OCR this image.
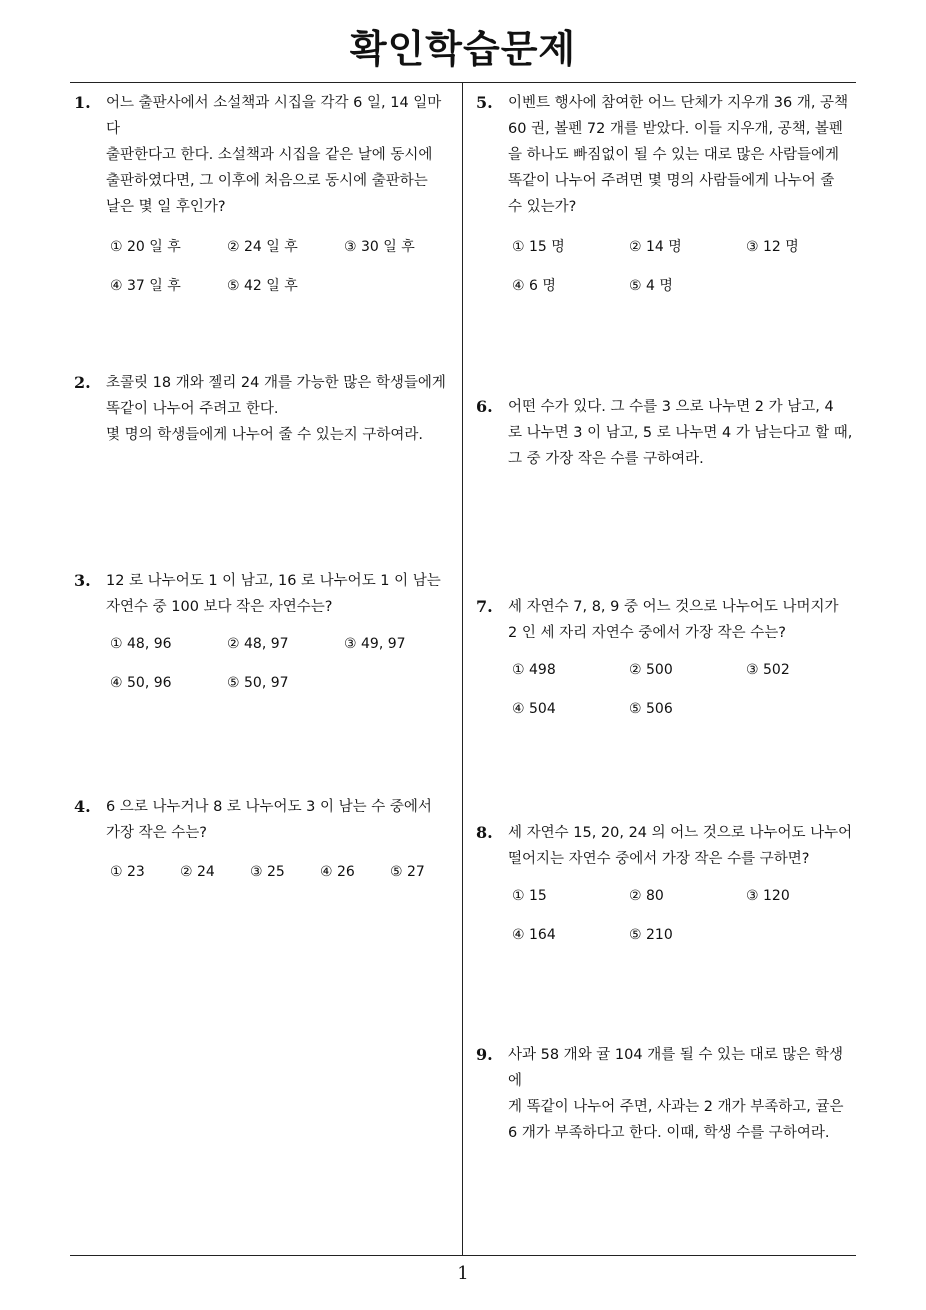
확인학습문제
1. 어느 출판사에서 소설책과 시집을 각각 6 일, 14 일마다
출판한다고 한다. 소설책과 시집을 같은 날에 동시에
출판하였다면, 그 이후에 처음으로 동시에 출판하는
날은 몇 일 후인가?
① 20 일 후	② 24 일 후	③ 30 일 후
④ 37 일 후	⑤ 42 일 후
2. 초콜릿 18 개와 젤리 24 개를 가능한 많은 학생들에게
똑같이 나누어 주려고 한다.
몇 명의 학생들에게 나누어 줄 수 있는지 구하여라.
3. 12 로 나누어도 1 이 남고, 16 로 나누어도 1 이 남는
자연수 중 100 보다 작은 자연수는?
① 48, 96	② 48, 97	③ 49, 97
④ 50, 96	⑤ 50, 97
4. 6 으로 나누거나 8 로 나누어도 3 이 남는 수 중에서
가장 작은 수는?
① 23	② 24	③ 25	④ 26	⑤ 27
5. 이벤트 행사에 참여한 어느 단체가 지우개 36 개, 공책
60 권, 볼펜 72 개를 받았다. 이들 지우개, 공책, 볼펜
을 하나도 빠짐없이 될 수 있는 대로 많은 사람들에게
똑같이 나누어 주려면 몇 명의 사람들에게 나누어 줄
수 있는가?
① 15 명	② 14 명	③ 12 명
④ 6 명	⑤ 4 명
6. 어떤 수가 있다. 그 수를 3 으로 나누면 2 가 남고, 4
로 나누면 3 이 남고, 5 로 나누면 4 가 남는다고 할 때,
그 중 가장 작은 수를 구하여라.
7. 세 자연수 7, 8, 9 중 어느 것으로 나누어도 나머지가
2 인 세 자리 자연수 중에서 가장 작은 수는?
① 498	② 500	③ 502
④ 504	⑤ 506
8. 세 자연수 15, 20, 24 의 어느 것으로 나누어도 나누어
떨어지는 자연수 중에서 가장 작은 수를 구하면?
① 15	② 80	③ 120
④ 164	⑤ 210
9. 사과 58 개와 귤 104 개를 될 수 있는 대로 많은 학생에
게 똑같이 나누어 주면, 사과는 2 개가 부족하고, 귤은
6 개가 부족하다고 한다. 이때, 학생 수를 구하여라.
1
